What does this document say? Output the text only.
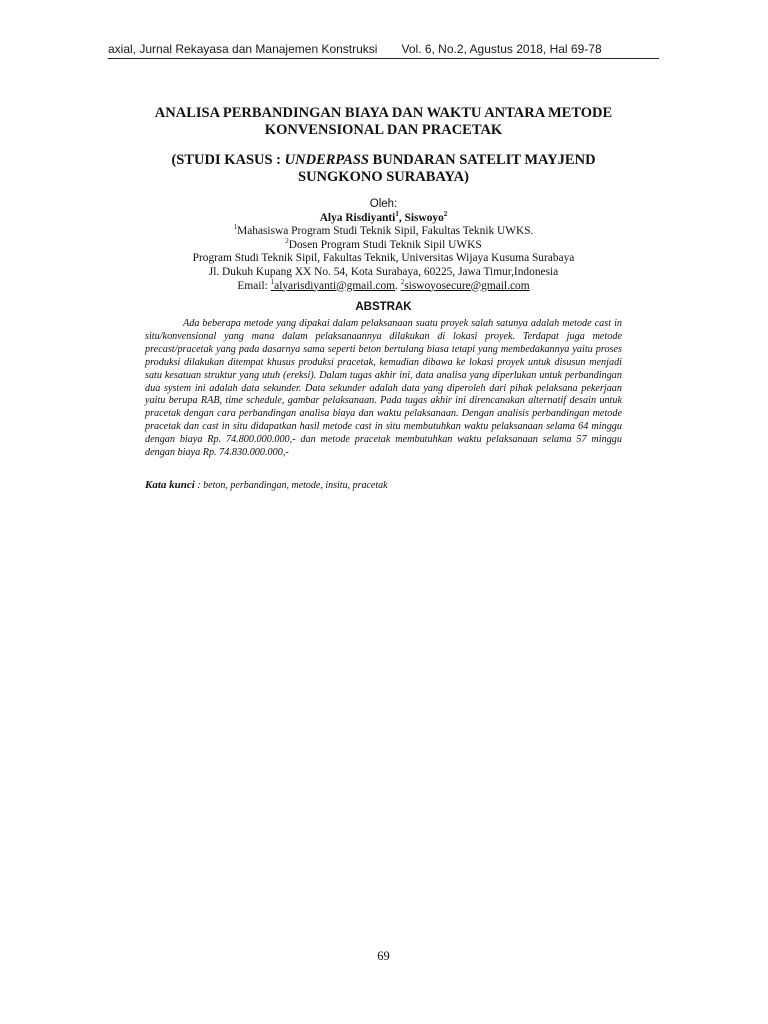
axial, Jurnal Rekayasa dan Manajemen Konstruksi Vol. 6, No.2, Agustus 2018, Hal 69-78
ANALISA PERBANDINGAN BIAYA DAN WAKTU ANTARA METODE
KONVENSIONAL DAN PRACETAK
(STUDI KASUS : UNDERPASS BUNDARAN SATELIT MAYJEND
SUNGKONO SURABAYA)
Oleh:
Alya Risdiyanti$^1$, Siswoyo$^2$
$^1$Mahasiswa Program Studi Teknik Sipil, Fakultas Teknik UWKS.
$^2$Dosen Program Studi Teknik Sipil UWKS
Program Studi Teknik Sipil, Fakultas Teknik, Universitas Wijaya Kusuma Surabaya
Jl. Dukuh Kupang XX No. 54, Kota Surabaya, 60225, Jawa Timur,Indonesia
Email: $^1$alyarisdiyanti@gmail.com. $^2$siswoyosecure@gmail.com
ABSTRAK

Ada beberapa metode yang dipakai dalam pelaksanaan suatu proyek salah satunya adalah metode cast in situ/konvensional yang mana dalam pelaksanaannya dilakukan di lokasi proyek. Terdapat juga metode precast/pracetak yang pada dasarnya sama seperti beton bertulang biasa tetapi yang membedakannya yaitu proses produksi dilakukan ditempat khusus produksi pracetak, kemudian dibawa ke lokasi proyek untuk disusun menjadi satu kesatuan struktur yang utuh (ereksi). Dalam tugas akhir ini, data analisa yang diperlukan untuk perbandingan dua system ini adalah data sekunder. Data sekunder adalah data yang diperoleh dari pihak pelaksana pekerjaan yaitu berupa RAB, time schedule, gambar pelaksanaan. Pada tugas akhir ini direncanakan alternatif desain untuk pracetak dengan cara perbandingan analisa biaya dan waktu pelaksanaan. Dengan analisis perbandingan metode pracetak dan cast in situ didapatkan hasil metode cast in situ membutuhkan waktu pelaksanaan selama 64 minggu dengan biaya Rp. 74.800.000.000,- dan metode pracetak membutuhkan waktu pelaksanaan selama 57 minggu dengan biaya Rp. 74.830.000.000,-

Kata kunci : beton, perbandingan, metode, insitu, pracetak

69
